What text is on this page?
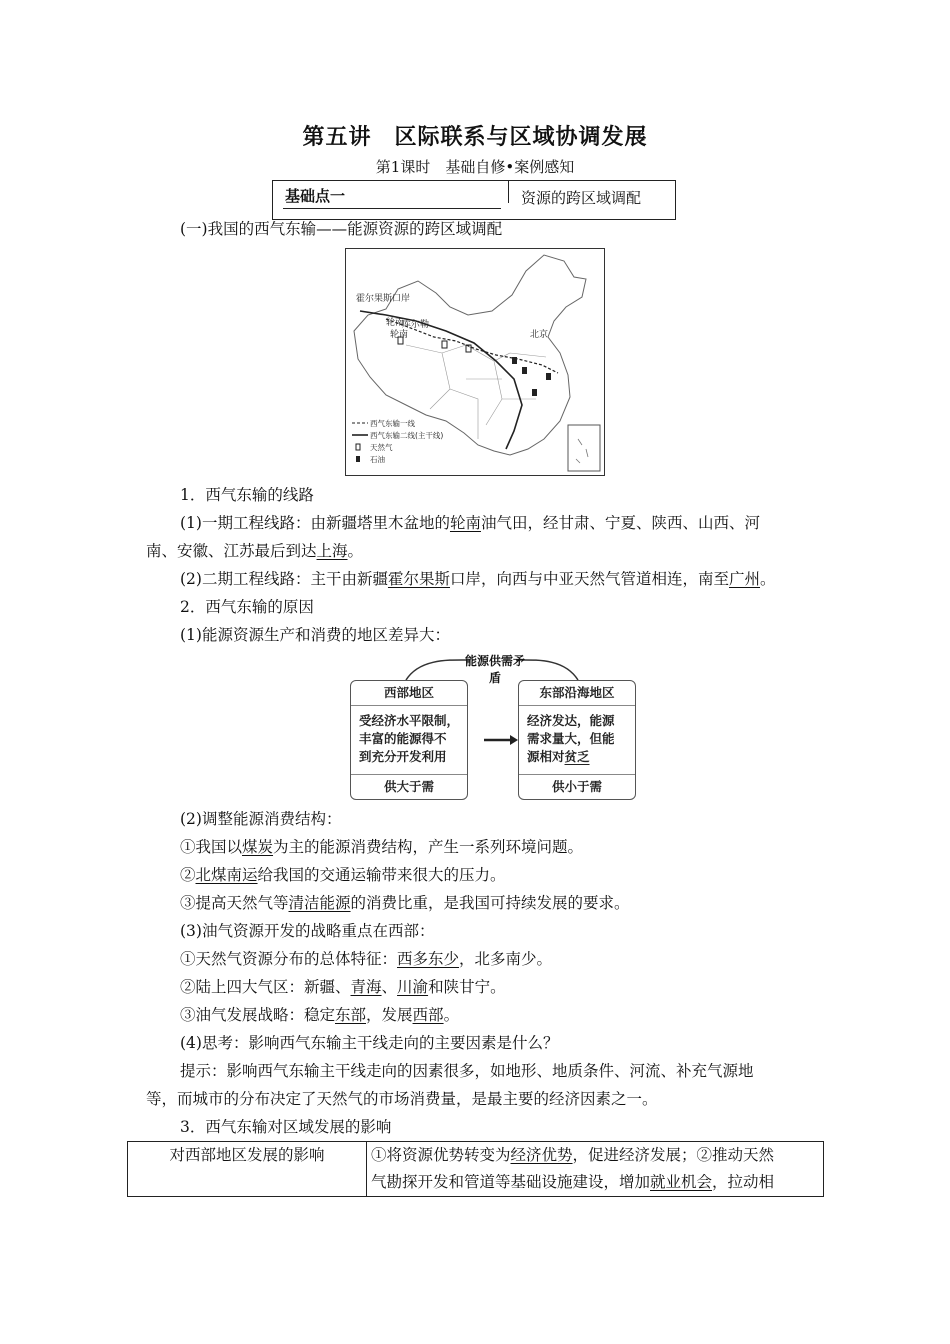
第五讲　区际联系与区域协调发展
第1课时　基础自修•案例感知
基础点一	资源的跨区域调配
(一)我国的西气东输——能源资源的跨区域调配
霍尔果斯口岸
轮南
库尔勒
轮南	北京
西气东输一线
西气东输二线(主干线)
天然气
石油
1．西气东输的线路
(1)一期工程线路：由新疆塔里木盆地的轮南油气田，经甘肃、宁夏、陕西、山西、河
南、安徽、江苏最后到达上海。
(2)二期工程线路：主干由新疆霍尔果斯口岸，向西与中亚天然气管道相连，南至广州。
2．西气东输的原因
(1)能源资源生产和消费的地区差异大：
能源供需矛盾
西部地区
受经济水平限制，
丰富的能源得不
到充分开发利用
供大于需
东部沿海地区
经济发达，能源
需求量大，但能
源相对贫乏
供小于需
(2)调整能源消费结构：
①我国以煤炭为主的能源消费结构，产生一系列环境问题。
②北煤南运给我国的交通运输带来很大的压力。
③提高天然气等清洁能源的消费比重，是我国可持续发展的要求。
(3)油气资源开发的战略重点在西部：
①天然气资源分布的总体特征：西多东少，北多南少。
②陆上四大气区：新疆、青海、川渝和陕甘宁。
③油气发展战略：稳定东部，发展西部。
(4)思考：影响西气东输主干线走向的主要因素是什么？
提示：影响西气东输主干线走向的因素很多，如地形、地质条件、河流、补充气源地
等，而城市的分布决定了天然气的市场消费量，是最主要的经济因素之一。
3．西气东输对区域发展的影响
对西部地区发展的影响	①将资源优势转变为经济优势，促进经济发展；②推动天然
气勘探开发和管道等基础设施建设，增加就业机会，拉动相
